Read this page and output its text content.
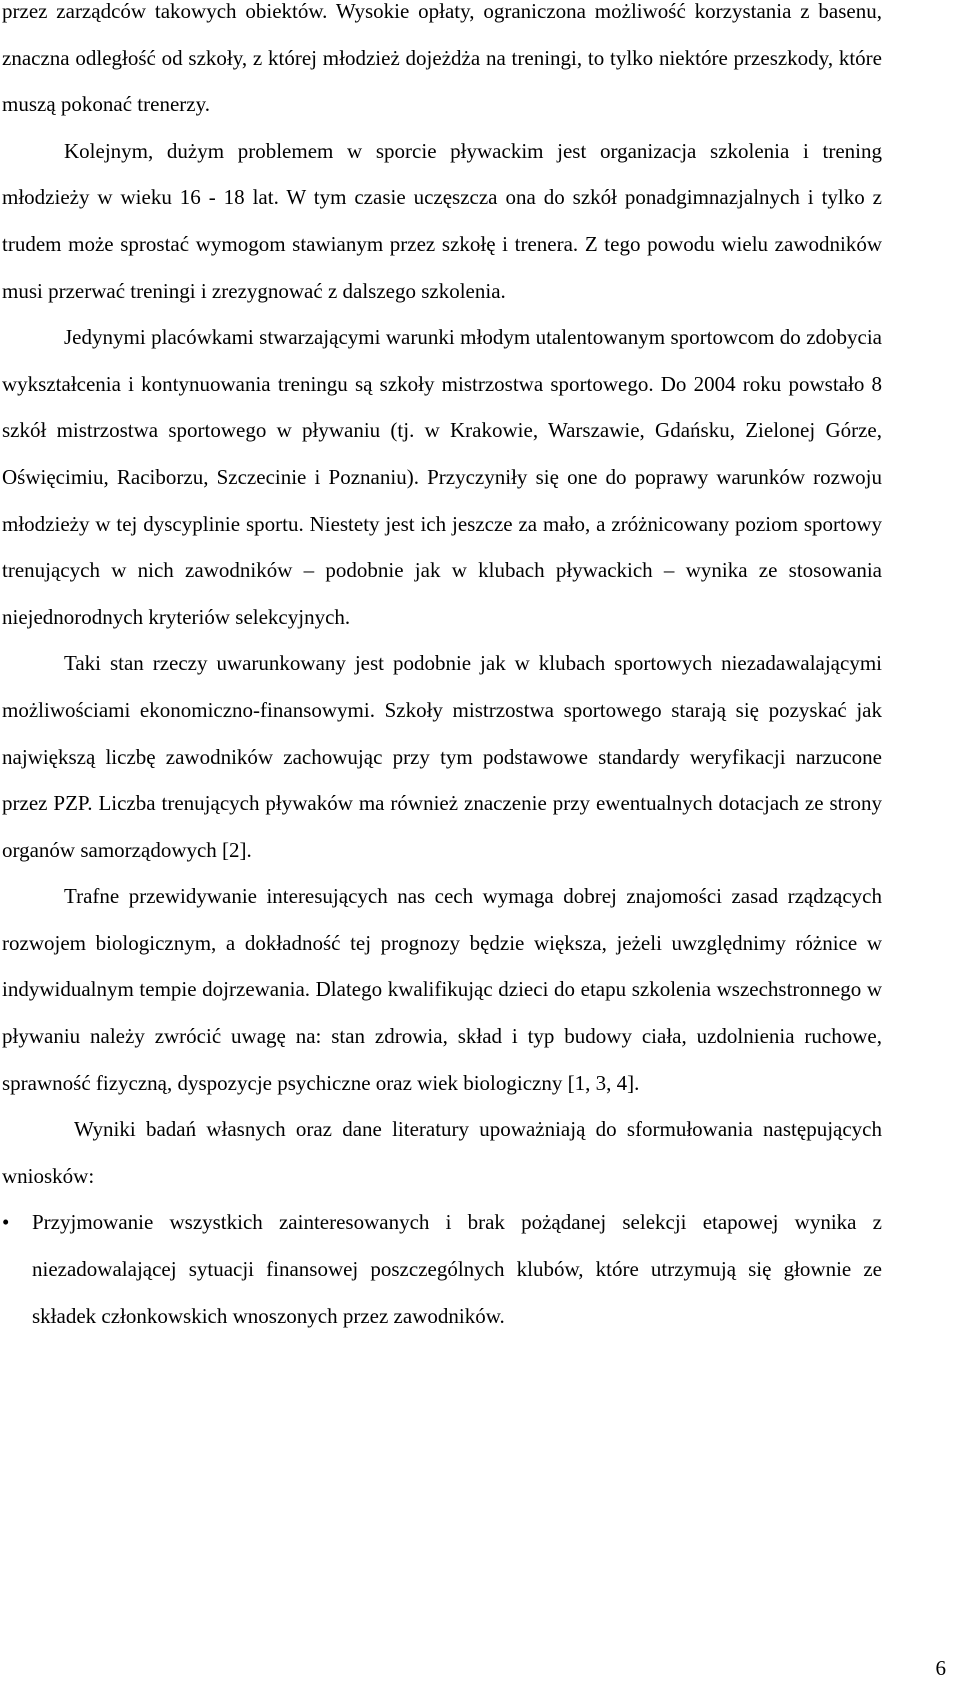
przez zarządców takowych obiektów. Wysokie opłaty, ograniczona możliwość korzystania z basenu, znaczna odległość od szkoły, z której młodzież dojeżdża na treningi, to tylko niektóre przeszkody, które muszą pokonać trenerzy.

Kolejnym, dużym problemem w sporcie pływackim jest organizacja szkolenia i trening młodzieży w wieku 16 - 18 lat. W tym czasie uczęszcza ona do szkół ponadgimnazjalnych i tylko z trudem może sprostać wymogom stawianym przez szkołę i trenera. Z tego powodu wielu zawodników musi przerwać treningi i zrezygnować z dalszego szkolenia.

Jedynymi placówkami stwarzającymi warunki młodym utalentowanym sportowcom do zdobycia wykształcenia i kontynuowania treningu są szkoły mistrzostwa sportowego. Do 2004 roku powstało 8 szkół mistrzostwa sportowego w pływaniu (tj. w Krakowie, Warszawie, Gdańsku, Zielonej Górze, Oświęcimiu, Raciborzu, Szczecinie i Poznaniu). Przyczyniły się one do poprawy warunków rozwoju młodzieży w tej dyscyplinie sportu. Niestety jest ich jeszcze za mało, a zróżnicowany poziom sportowy trenujących w nich zawodników – podobnie jak w klubach pływackich – wynika ze stosowania niejednorodnych kryteriów selekcyjnych.

Taki stan rzeczy uwarunkowany jest podobnie jak w klubach sportowych niezadawalającymi możliwościami ekonomiczno-finansowymi. Szkoły mistrzostwa sportowego starają się pozyskać jak największą liczbę zawodników zachowując przy tym podstawowe standardy weryfikacji narzucone przez PZP. Liczba trenujących pływaków ma również znaczenie przy ewentualnych dotacjach ze strony organów samorządowych [2].

Trafne przewidywanie interesujących nas cech wymaga dobrej znajomości zasad rządzących rozwojem biologicznym, a dokładność tej prognozy będzie większa, jeżeli uwzględnimy różnice w indywidualnym tempie dojrzewania. Dlatego kwalifikując dzieci do etapu szkolenia wszechstronnego w pływaniu należy zwrócić uwagę na: stan zdrowia, skład i typ budowy ciała, uzdolnienia ruchowe, sprawność fizyczną, dyspozycje psychiczne oraz wiek biologiczny [1, 3, 4].

Wyniki badań własnych oraz dane literatury upoważniają do sformułowania następujących wniosków:

• Przyjmowanie wszystkich zainteresowanych i brak pożądanej selekcji etapowej wynika z niezadowalającej sytuacji finansowej poszczególnych klubów, które utrzymują się głownie ze składek członkowskich wnoszonych przez zawodników.
6
